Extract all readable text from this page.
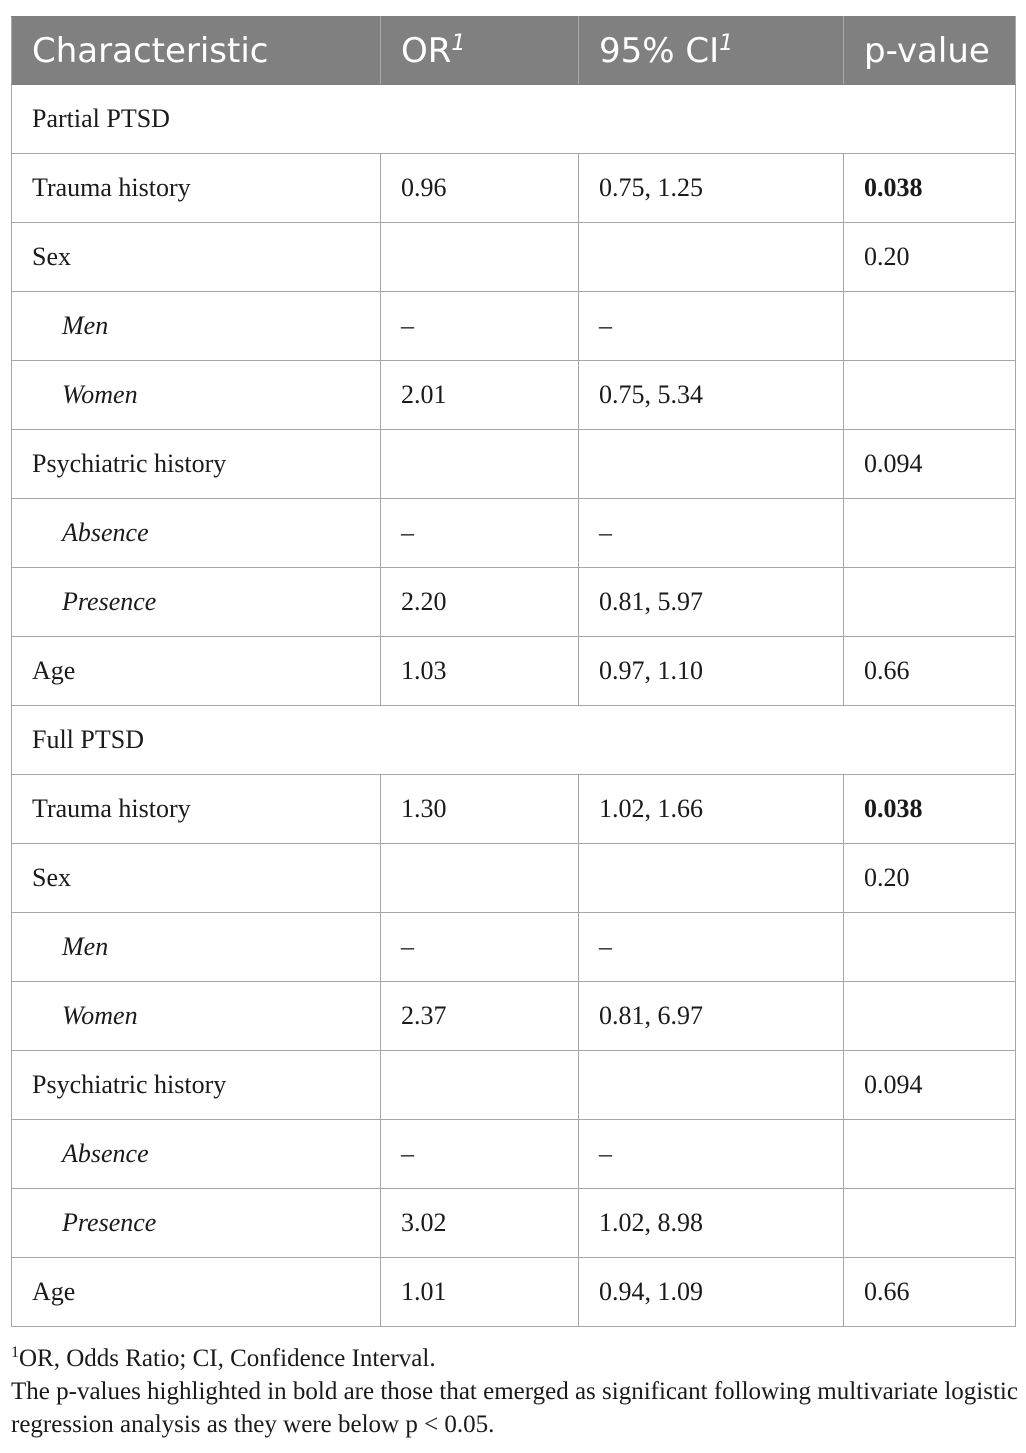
Characteristic	$OR^1$	95% $CI^1$	p-value
Partial PTSD			
Trauma history	0.96	0.75, 1.25	0.038
Sex			0.20
Men	–	–	
Women	2.01	0.75, 5.34	
Psychiatric history			0.094
Absence	–	–	
Presence	2.20	0.81, 5.97	
Age	1.03	0.97, 1.10	0.66
Full PTSD			
Trauma history	1.30	1.02, 1.66	0.038
Sex			0.20
Men	–	–	
Women	2.37	0.81, 6.97	
Psychiatric history			0.094
Absence	–	–	
Presence	3.02	1.02, 8.98	
Age	1.01	0.94, 1.09	0.66

$^1$OR, Odds Ratio; CI, Confidence Interval.

The p-values highlighted in bold are those that emerged as significant following multivariate logistic regression analysis as they were below p < 0.05.
